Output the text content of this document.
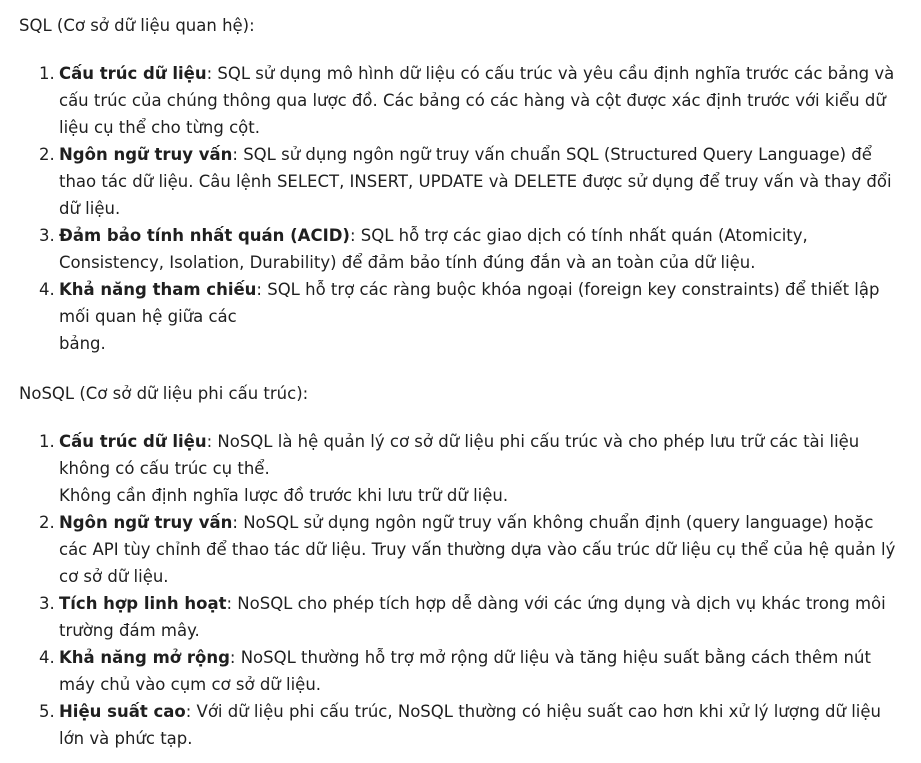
SQL (Cơ sở dữ liệu quan hệ):
1. Cấu trúc dữ liệu: SQL sử dụng mô hình dữ liệu có cấu trúc và yêu cầu định nghĩa trước các bảng và cấu trúc của chúng thông qua lược đồ. Các bảng có các hàng và cột được xác định trước với kiểu dữ liệu cụ thể cho từng cột.
2. Ngôn ngữ truy vấn: SQL sử dụng ngôn ngữ truy vấn chuẩn SQL (Structured Query Language) để thao tác dữ liệu. Câu lệnh SELECT, INSERT, UPDATE và DELETE được sử dụng để truy vấn và thay đổi dữ liệu.
3. Đảm bảo tính nhất quán (ACID): SQL hỗ trợ các giao dịch có tính nhất quán (Atomicity, Consistency, Isolation, Durability) để đảm bảo tính đúng đắn và an toàn của dữ liệu.
4. Khả năng tham chiếu: SQL hỗ trợ các ràng buộc khóa ngoại (foreign key constraints) để thiết lập mối quan hệ giữa các
bảng.
NoSQL (Cơ sở dữ liệu phi cấu trúc):
1. Cấu trúc dữ liệu: NoSQL là hệ quản lý cơ sở dữ liệu phi cấu trúc và cho phép lưu trữ các tài liệu không có cấu trúc cụ thể.
Không cần định nghĩa lược đồ trước khi lưu trữ dữ liệu.
2. Ngôn ngữ truy vấn: NoSQL sử dụng ngôn ngữ truy vấn không chuẩn định (query language) hoặc các API tùy chỉnh để thao tác dữ liệu. Truy vấn thường dựa vào cấu trúc dữ liệu cụ thể của hệ quản lý cơ sở dữ liệu.
3. Tích hợp linh hoạt: NoSQL cho phép tích hợp dễ dàng với các ứng dụng và dịch vụ khác trong môi trường đám mây.
4. Khả năng mở rộng: NoSQL thường hỗ trợ mở rộng dữ liệu và tăng hiệu suất bằng cách thêm nút máy chủ vào cụm cơ sở dữ liệu.
5. Hiệu suất cao: Với dữ liệu phi cấu trúc, NoSQL thường có hiệu suất cao hơn khi xử lý lượng dữ liệu lớn và phức tạp.
